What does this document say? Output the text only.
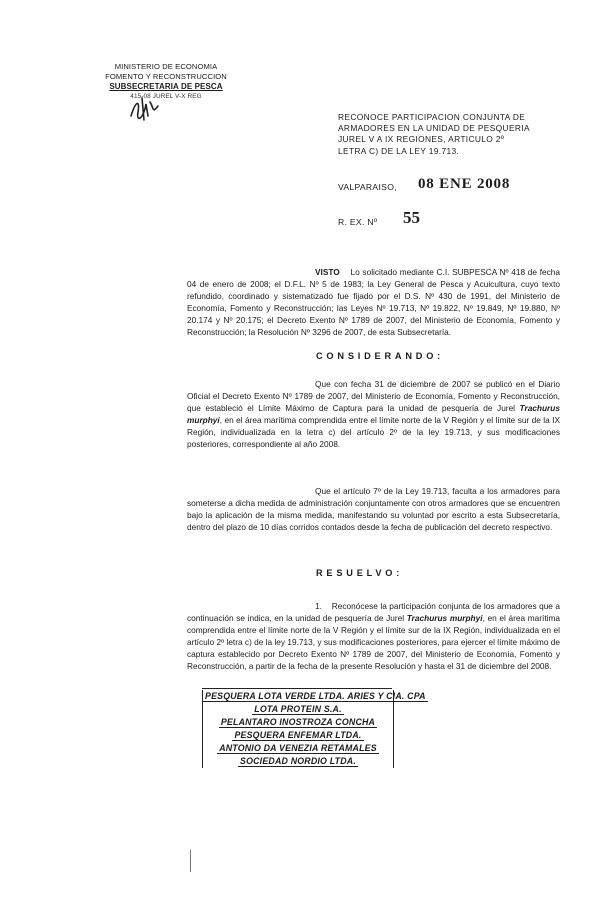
MINISTERIO DE ECONOMIA
FOMENTO Y RECONSTRUCCION
SUBSECRETARIA DE PESCA
415-08 JUREL V-X REG
RECONOCE PARTICIPACION CONJUNTA DE
ARMADORES EN LA UNIDAD DE PESQUERIA
JUREL V A IX REGIONES, ARTICULO 2º
LETRA C) DE LA LEY 19.713.
VALPARAISO, 08 ENE 2008
R. EX. Nº 55
VISTO Lo solicitado mediante C.I. SUBPESCA Nº 418 de fecha 04 de enero de 2008; el D.F.L. Nº 5 de 1983; la Ley General de Pesca y Acuicultura, cuyo texto refundido, coordinado y sistematizado fue fijado por el D.S. Nº 430 de 1991, del Ministerio de Economía, Fomento y Reconstrucción; las Leyes Nº 19.713, Nº 19.822, Nº 19.849, Nº 19.880, Nº 20.174 y Nº 20.175; el Decreto Exento Nº 1789 de 2007, del Ministerio de Economía, Fomento y Reconstrucción; la Resolución Nº 3296 de 2007, de esta Subsecretaría.
CONSIDERANDO:
Que con fecha 31 de diciembre de 2007 se publicó en el Diario Oficial el Decreto Exento Nº 1789 de 2007, del Ministerio de Economía, Fomento y Reconstrucción, que estableció el Límite Máximo de Captura para la unidad de pesquería de Jurel Trachurus murphyi, en el área marítima comprendida entre el límite norte de la V Región y el límite sur de la IX Región, individualizada en la letra c) del artículo 2º de la ley 19.713, y sus modificaciones posteriores, correspondiente al año 2008.
Que el artículo 7º de la Ley 19.713, faculta a los armadores para someterse a dicha medida de administración conjuntamente con otros armadores que se encuentren bajo la aplicación de la misma medida, manifestando su voluntad por escrito a esta Subsecretaría, dentro del plazo de 10 días corridos contados desde la fecha de publicación del decreto respectivo.
RESUELVO:
1. Reconócese la participación conjunta de los armadores que a continuación se indica, en la unidad de pesquería de Jurel Trachurus murphyi, en el área marítima comprendida entre el límite norte de la V Región y el límite sur de la IX Región, individualizada en el artículo 2º letra c) de la ley 19.713, y sus modificaciones posteriores, para ejercer el límite máximo de captura establecido por Decreto Exento Nº 1789 de 2007, del Ministerio de Economía, Fomento y Reconstrucción, a partir de la fecha de la presente Resolución y hasta el 31 de diciembre del 2008.
PESQUERA LOTA VERDE LTDA. ARIES Y CIA. CPA
LOTA PROTEIN S.A.
PELANTARO INOSTROZA CONCHA
PESQUERA ENFEMAR LTDA.
ANTONIO DA VENEZIA RETAMALES
SOCIEDAD NORDIO LTDA.
